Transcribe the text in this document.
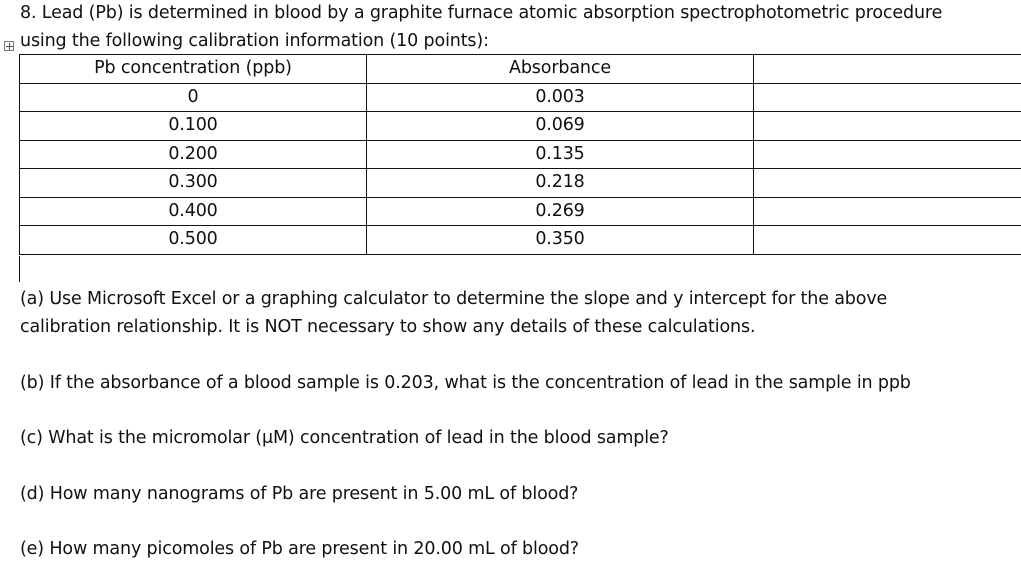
8. Lead (Pb) is determined in blood by a graphite furnace atomic absorption spectrophotometric procedure
using the following calibration information (10 points):
Pb concentration (ppb)	Absorbance	
0	0.003	
0.100	0.069	
0.200	0.135	
0.300	0.218	
0.400	0.269	
0.500	0.350	
(a) Use Microsoft Excel or a graphing calculator to determine the slope and y intercept for the above
calibration relationship. It is NOT necessary to show any details of these calculations.
(b) If the absorbance of a blood sample is 0.203, what is the concentration of lead in the sample in ppb
(c) What is the micromolar (μM) concentration of lead in the blood sample?
(d) How many nanograms of Pb are present in 5.00 mL of blood?
(e) How many picomoles of Pb are present in 20.00 mL of blood?
